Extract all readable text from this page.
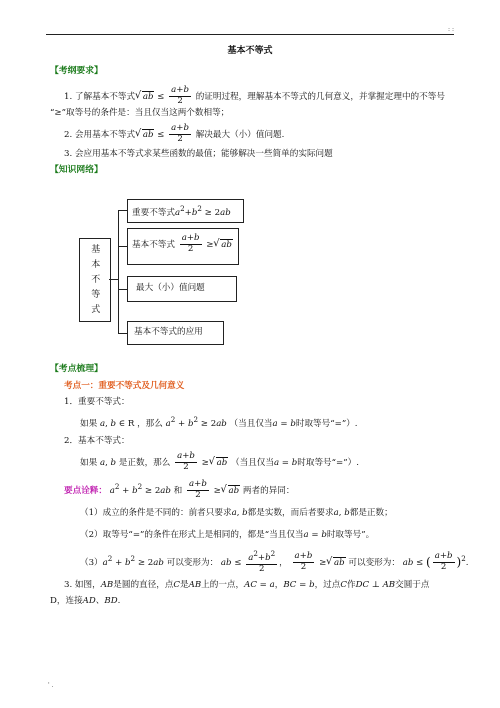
: :
基本不等式
【考纲要求】
1. 了解基本不等式 √ ab ≤ $\frac{a+b}{2}$ 的证明过程，理解基本不等式的几何意义，并掌握定理中的不等号
“≥”取等号的条件是：当且仅当这两个数相等；
2. 会用基本不等式 √ ab ≤ $\frac{a+b}{2}$ 解决最大（小）值问题.
3. 会应用基本不等式求某些函数的最值；能够解决一些简单的实际问题
【知识网络】
基本不等式
重要不等式$a^2+b^2 \ge 2ab$
基本不等式 $\frac{a+b}{2}$ ≥ √ ab
最大（小）值问题
基本不等式的应用
【考点梳理】
考点一：重要不等式及几何意义
1．重要不等式：
如果 a, b ∈ R ，那么 $a^2 + b^2 \ge 2ab$ （当且仅当a = b时取等号“=”）.
2．基本不等式：
如果 a, b 是正数，那么 $\frac{a+b}{2}$ ≥ √ ab （当且仅当a = b时取等号“=”）.
要点诠释： $a^2 + b^2 \ge 2ab$ 和 $\frac{a+b}{2}$ ≥ √ ab 两者的异同：
（1）成立的条件是不同的：前者只要求a, b都是实数，而后者要求a, b都是正数；
（2）取等号“=”的条件在形式上是相同的，都是“当且仅当a = b时取等号”。
$(3)a^2 + b^2 \ge 2ab$ 可以变形为： ab ≤ $\frac{a^2+b^2}{2}$ ， $\frac{a+b}{2}$ ≥ √ ab 可以变形为： ab ≤ ( $\frac{a+b}{2} )^2$.
3. 如图，AB是圆的直径，点C是AB上的一点，AC = a，BC = b，过点C作DC ⊥ AB交圆于点
D，连接AD、BD.
' .
